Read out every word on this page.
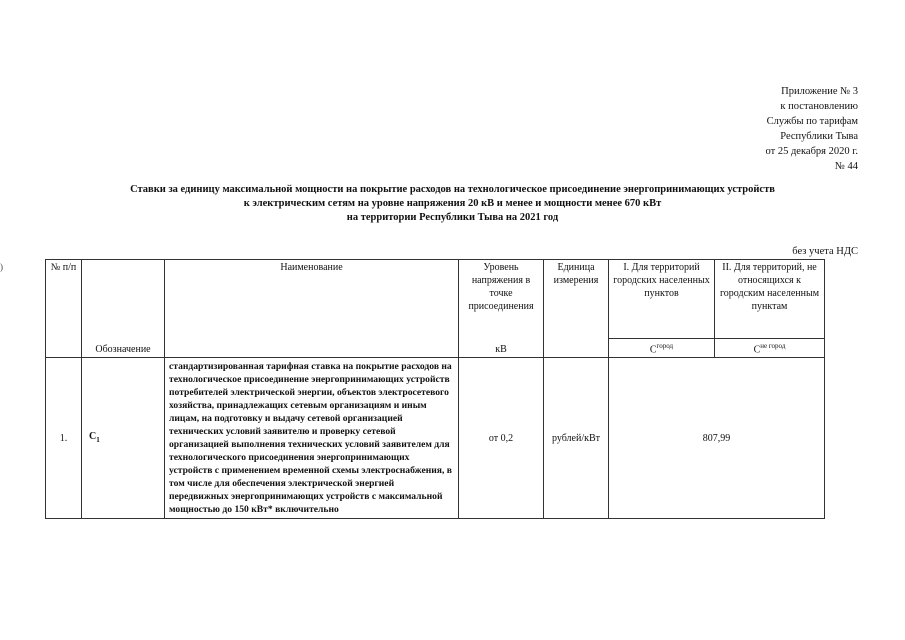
Приложение № 3
к постановлению
Службы по тарифам
Республики Тыва
от 25 декабря 2020 г.
№ 44
Ставки за единицу максимальной мощности на покрытие расходов на технологическое присоединение энергопринимающих устройств
к электрическим сетям на уровне напряжения 20 кВ и менее и мощности менее 670 кВт
на территории Республики Тыва на 2021 год
)
без учета НДС
№ п/п		Наименование	Уровень напряжения в точке присоединения	Единица измерения	I. Для территорий городских населенных пунктов	II. Для территорий, не относящихся к городским населенным пунктам
	Обозначение		кВ		$C^{город}$	$C^{не город}$
1.	$C_1$	стандартизированная тарифная ставка на покрытие расходов на технологическое присоединение энергопринимающих устройств потребителей электрической энергии, объектов электросетевого хозяйства, принадлежащих сетевым организациям и иным лицам, на подготовку и выдачу сетевой организацией технических условий заявителю и проверку сетевой организацией выполнения технических условий заявителем для технологического присоединения энергопринимающих устройств с применением временной схемы электроснабжения, в том числе для обеспечения электрической энергией передвижных энергопринимающих устройств с максимальной мощностью до 150 кВт* включительно	от 0,2	рублей/кВт	807,99	
